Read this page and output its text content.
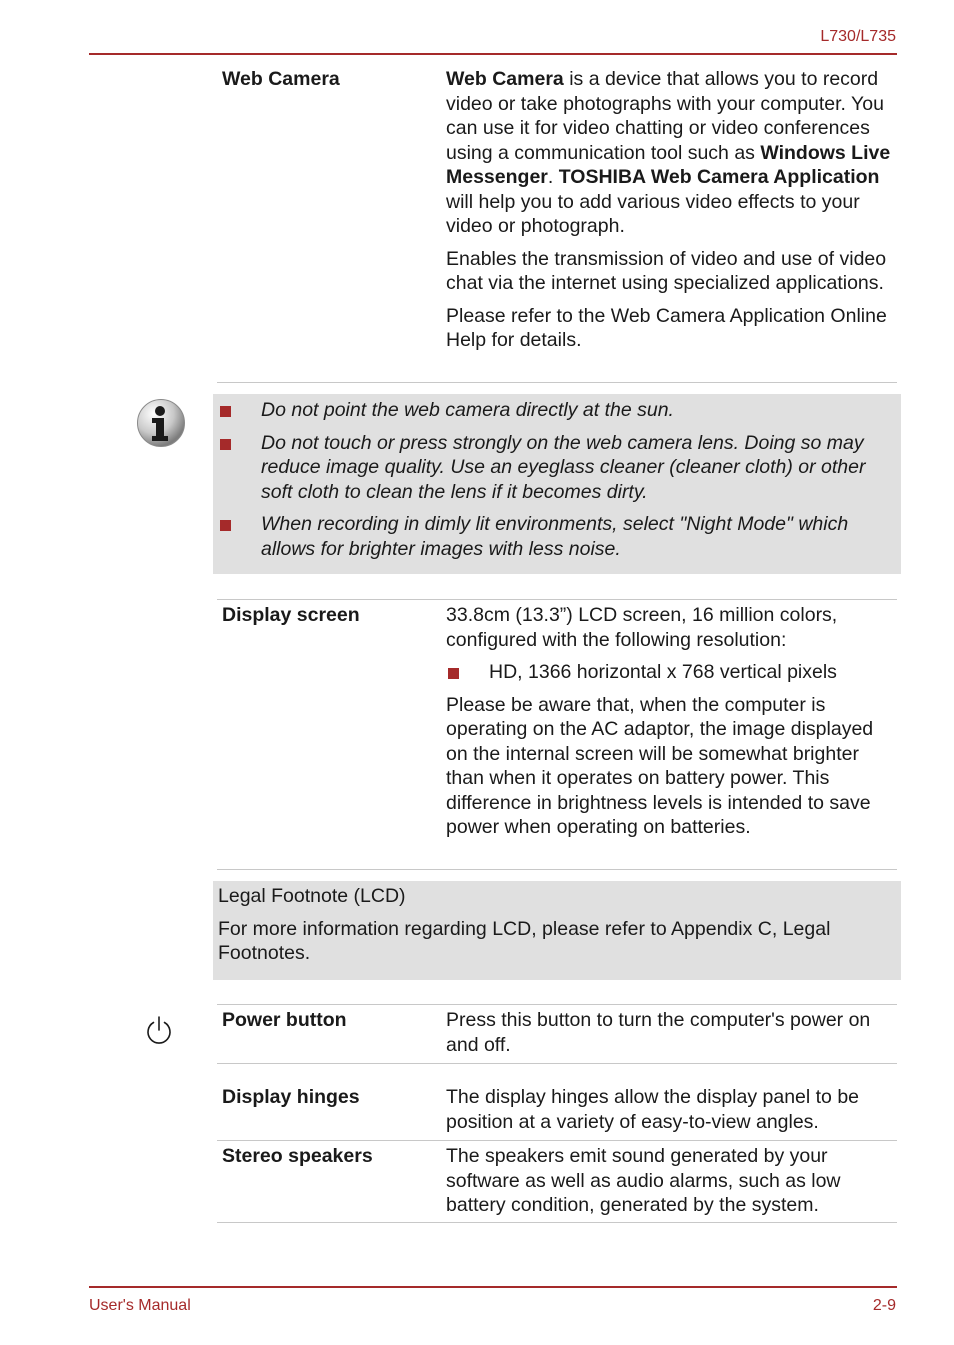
L730/L735
Web Camera	Web Camera is a device that allows you to record video or take photographs with your computer. You can use it for video chatting or video conferences using a communication tool such as Windows Live Messenger. TOSHIBA Web Camera Application will help you to add various video effects to your video or photograph.

Enables the transmission of video and use of video chat via the internet using specialized applications.

Please refer to the Web Camera Application Online Help for details.

Do not point the web camera directly at the sun.
Do not touch or press strongly on the web camera lens. Doing so may reduce image quality. Use an eyeglass cleaner (cleaner cloth) or other soft cloth to clean the lens if it becomes dirty.
When recording in dimly lit environments, select "Night Mode" which allows for brighter images with less noise.
Display screen	33.8cm (13.3”) LCD screen, 16 million colors, configured with the following resolution:

HD, 1366 horizontal x 768 vertical pixels

Please be aware that, when the computer is operating on the AC adaptor, the image displayed on the internal screen will be somewhat brighter than when it operates on battery power. This difference in brightness levels is intended to save power when operating on batteries.

Legal Footnote (LCD)

For more information regarding LCD, please refer to Appendix C, Legal Footnotes.

Power button	Press this button to turn the computer's power on and off.
Display hinges	The display hinges allow the display panel to be position at a variety of easy-to-view angles.
Stereo speakers	The speakers emit sound generated by your software as well as audio alarms, such as low battery condition, generated by the system.
User's Manual	2-9
